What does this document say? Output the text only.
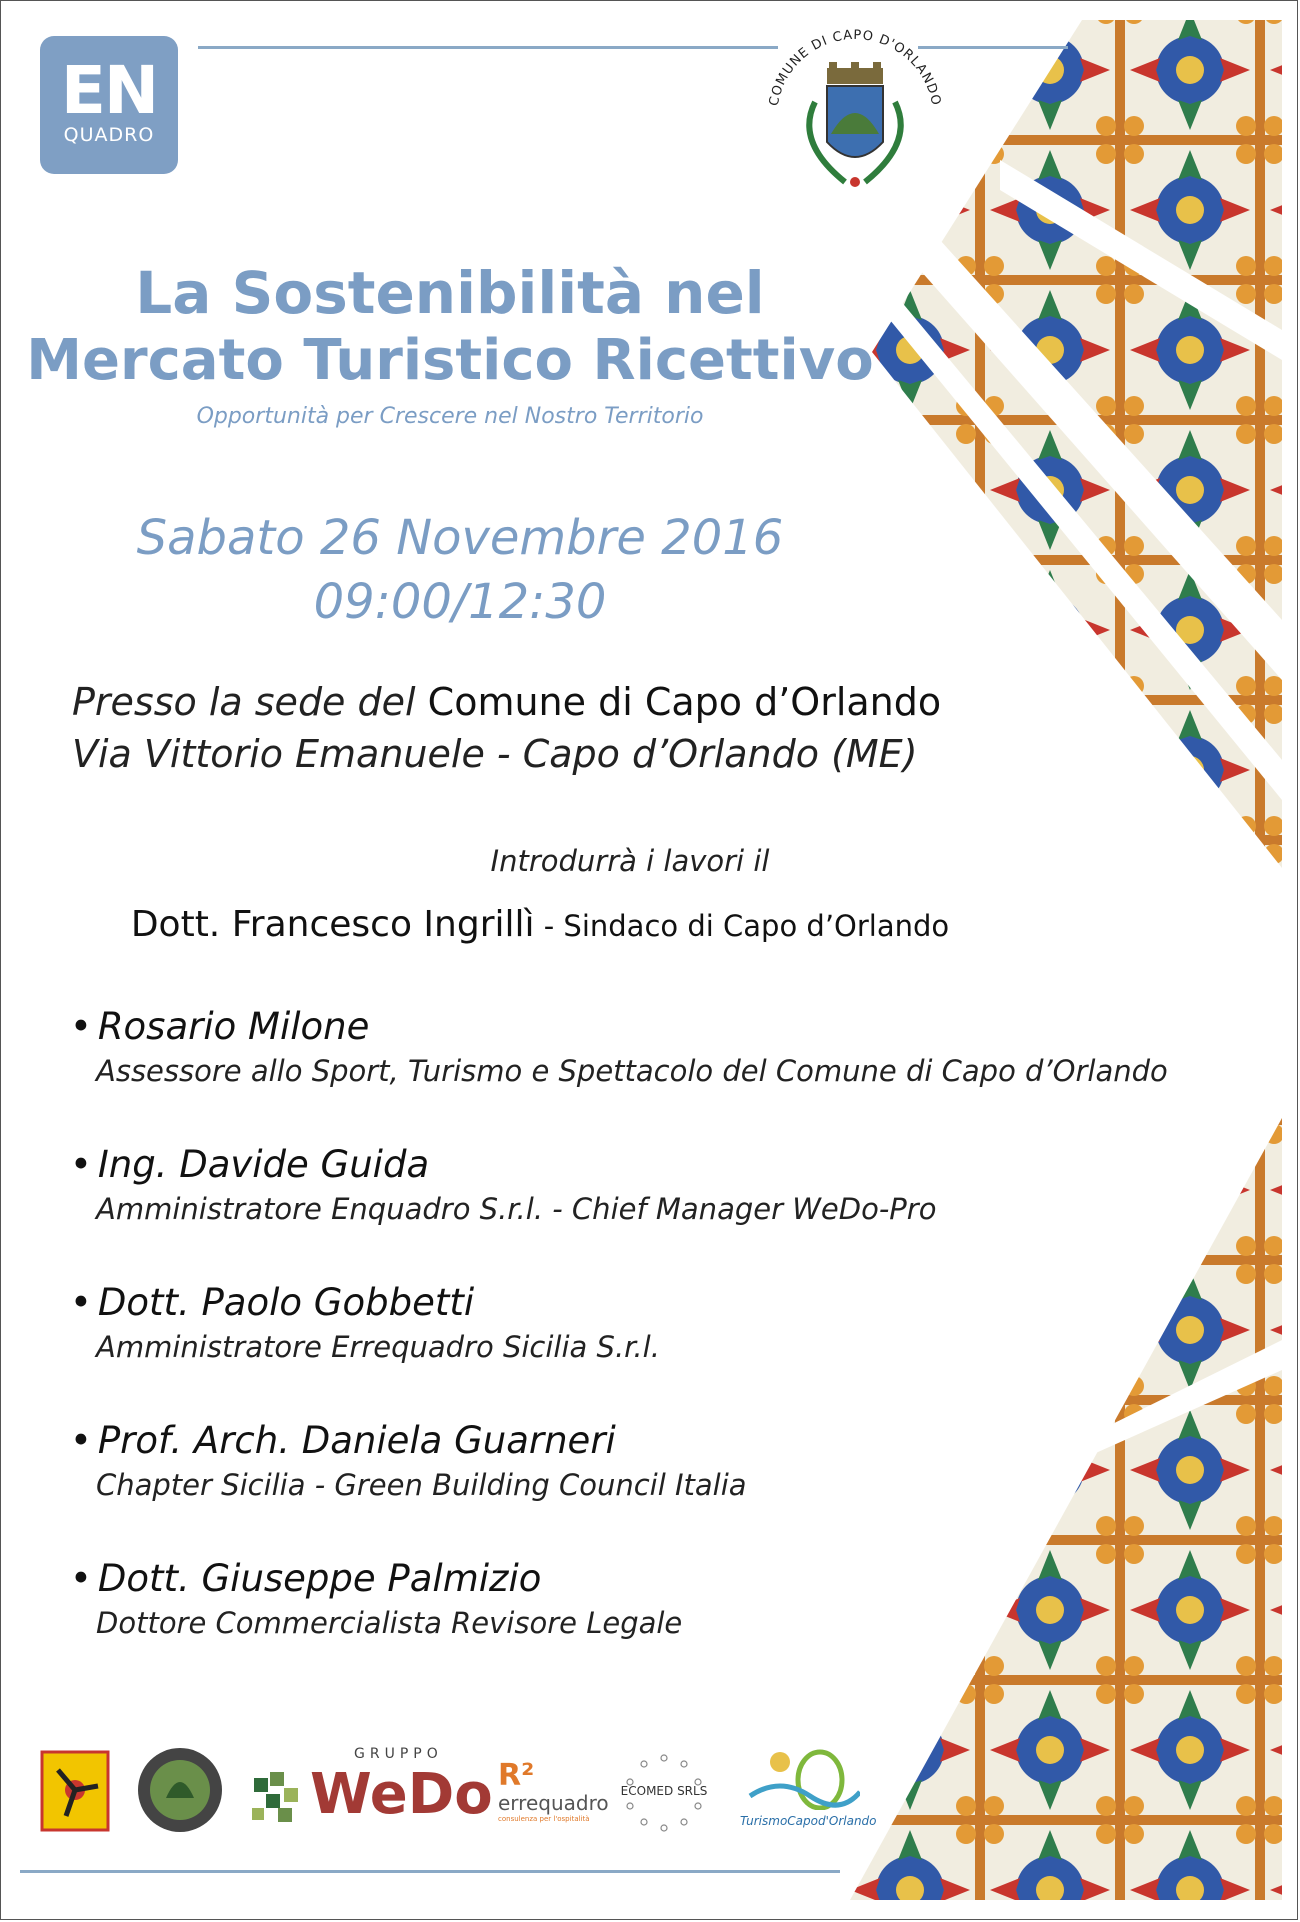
EN
QUADRO
COMUNE DI CAPO D'ORLANDO
La Sostenibilità nel
Mercato Turistico Ricettivo
Opportunità per Crescere nel Nostro Territorio
Sabato 26 Novembre 2016
09:00/12:30
Presso la sede del Comune di Capo d’Orlando
Via Vittorio Emanuele - Capo d’Orlando (ME)
Introdurrà i lavori il
Dott. Francesco Ingrillì - Sindaco di Capo d’Orlando
• Rosario Milone
Assessore allo Sport, Turismo e Spettacolo del Comune di Capo d’Orlando
• Ing. Davide Guida
Amministratore Enquadro S.r.l. - Chief Manager WeDo-Pro
• Dott. Paolo Gobbetti
Amministratore Errequadro Sicilia S.r.l.
• Prof. Arch. Daniela Guarneri
Chapter Sicilia - Green Building Council Italia
• Dott. Giuseppe Palmizio
Dottore Commercialista Revisore Legale
GRUPPO
WeDo R²
errequadro
consulenza per l'ospitalità
ECOMED SRLS
TurismoCapod'Orlando
